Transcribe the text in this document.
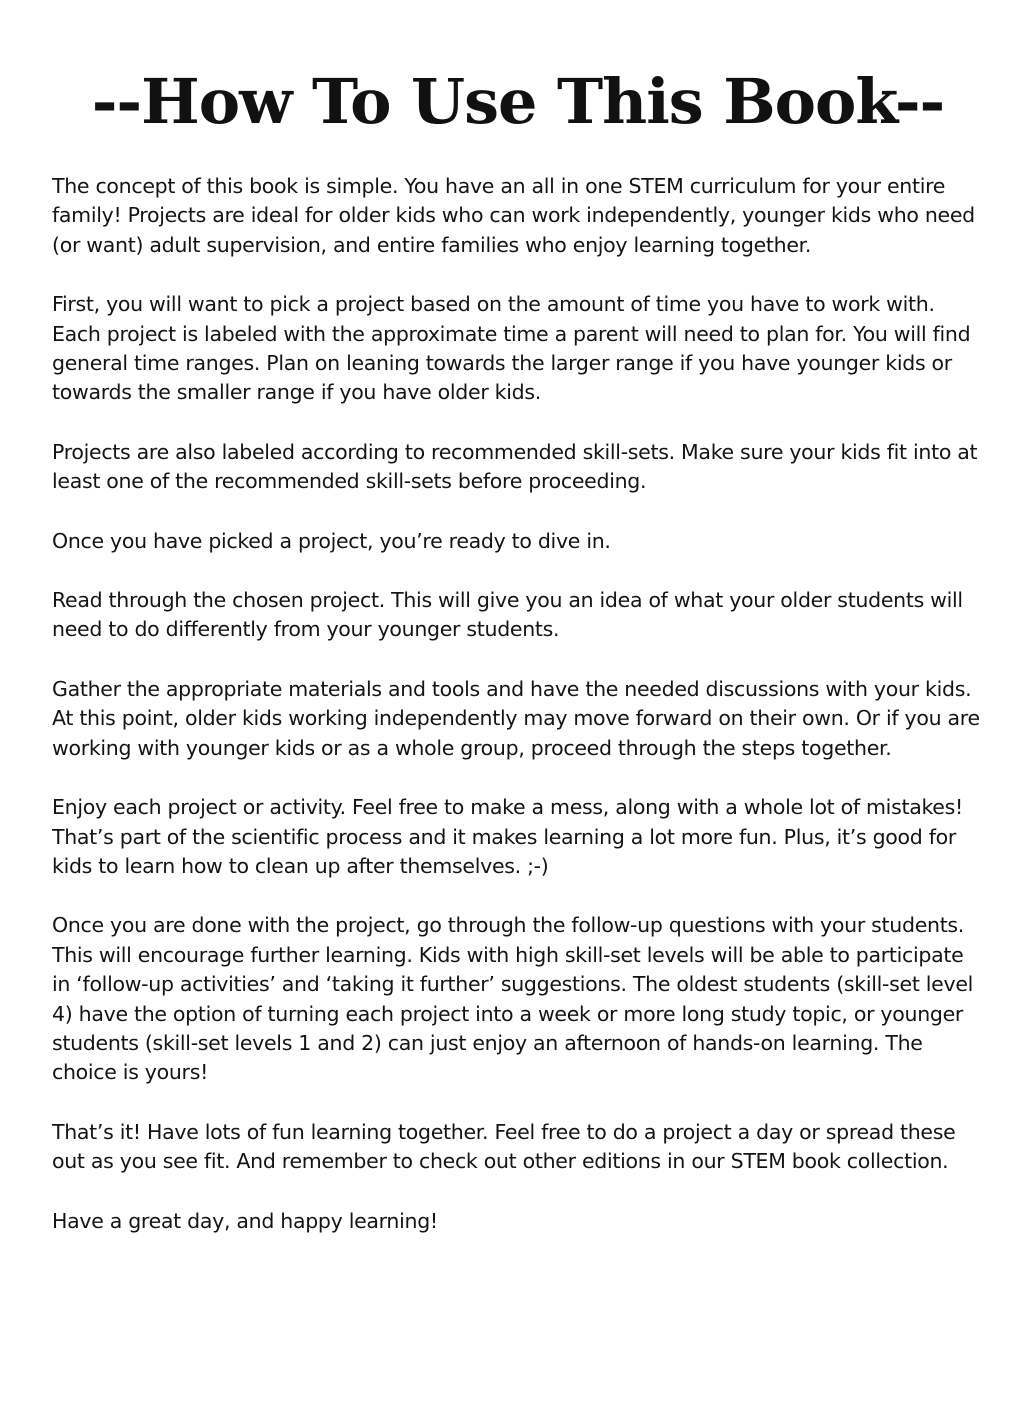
--How To Use This Book--

The concept of this book is simple. You have an all in one STEM curriculum for your entire family! Projects are ideal for older kids who can work independently, younger kids who need (or want) adult supervision, and entire families who enjoy learning together.

First, you will want to pick a project based on the amount of time you have to work with. Each project is labeled with the approximate time a parent will need to plan for. You will find general time ranges. Plan on leaning towards the larger range if you have younger kids or towards the smaller range if you have older kids.

Projects are also labeled according to recommended skill-sets. Make sure your kids fit into at least one of the recommended skill-sets before proceeding.

Once you have picked a project, you’re ready to dive in.

Read through the chosen project. This will give you an idea of what your older students will need to do differently from your younger students.

Gather the appropriate materials and tools and have the needed discussions with your kids. At this point, older kids working independently may move forward on their own. Or if you are working with younger kids or as a whole group, proceed through the steps together.

Enjoy each project or activity. Feel free to make a mess, along with a whole lot of mistakes! That’s part of the scientific process and it makes learning a lot more fun. Plus, it’s good for kids to learn how to clean up after themselves. ;-)

Once you are done with the project, go through the follow-up questions with your students. This will encourage further learning. Kids with high skill-set levels will be able to participate in ‘follow-up activities’ and ‘taking it further’ suggestions. The oldest students (skill-set level 4) have the option of turning each project into a week or more long study topic, or younger students (skill-set levels 1 and 2) can just enjoy an afternoon of hands-on learning. The choice is yours!

That’s it! Have lots of fun learning together. Feel free to do a project a day or spread these out as you see fit. And remember to check out other editions in our STEM book collection.

Have a great day, and happy learning!
